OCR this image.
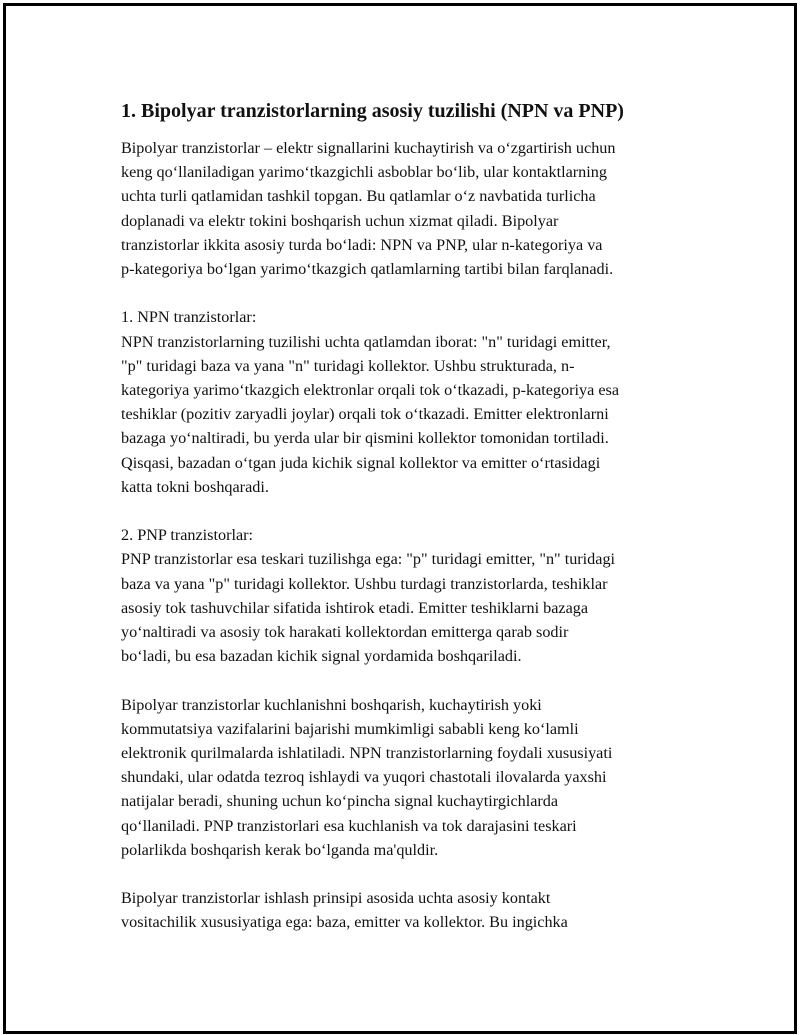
1. Bipolyar tranzistorlarning asosiy tuzilishi (NPN va PNP)

Bipolyar tranzistorlar – elektr signallarini kuchaytirish va oʻzgartirish uchun
keng qoʻllaniladigan yarimoʻtkazgichli asboblar boʻlib, ular kontaktlarning
uchta turli qatlamidan tashkil topgan. Bu qatlamlar oʻz navbatida turlicha
doplanadi va elektr tokini boshqarish uchun xizmat qiladi. Bipolyar
tranzistorlar ikkita asosiy turda boʻladi: NPN va PNP, ular n-kategoriya va
p-kategoriya boʻlgan yarimoʻtkazgich qatlamlarning tartibi bilan farqlanadi.

1. NPN tranzistorlar:

NPN tranzistorlarning tuzilishi uchta qatlamdan iborat: "n" turidagi emitter,
"p" turidagi baza va yana "n" turidagi kollektor. Ushbu strukturada, n-
kategoriya yarimoʻtkazgich elektronlar orqali tok oʻtkazadi, p-kategoriya esa
teshiklar (pozitiv zaryadli joylar) orqali tok oʻtkazadi. Emitter elektronlarni
bazaga yoʻnaltiradi, bu yerda ular bir qismini kollektor tomonidan tortiladi.
Qisqasi, bazadan oʻtgan juda kichik signal kollektor va emitter oʻrtasidagi
katta tokni boshqaradi.

2. PNP tranzistorlar:

PNP tranzistorlar esa teskari tuzilishga ega: "p" turidagi emitter, "n" turidagi
baza va yana "p" turidagi kollektor. Ushbu turdagi tranzistorlarda, teshiklar
asosiy tok tashuvchilar sifatida ishtirok etadi. Emitter teshiklarni bazaga
yoʻnaltiradi va asosiy tok harakati kollektordan emitterga qarab sodir
boʻladi, bu esa bazadan kichik signal yordamida boshqariladi.

Bipolyar tranzistorlar kuchlanishni boshqarish, kuchaytirish yoki
kommutatsiya vazifalarini bajarishi mumkimligi sababli keng koʻlamli
elektronik qurilmalarda ishlatiladi. NPN tranzistorlarning foydali xususiyati
shundaki, ular odatda tezroq ishlaydi va yuqori chastotali ilovalarda yaxshi
natijalar beradi, shuning uchun koʻpincha signal kuchaytirgichlarda
qoʻllaniladi. PNP tranzistorlari esa kuchlanish va tok darajasini teskari
polarlikda boshqarish kerak boʻlganda ma'quldir.

Bipolyar tranzistorlar ishlash prinsipi asosida uchta asosiy kontakt
vositachilik xususiyatiga ega: baza, emitter va kollektor. Bu ingichka
